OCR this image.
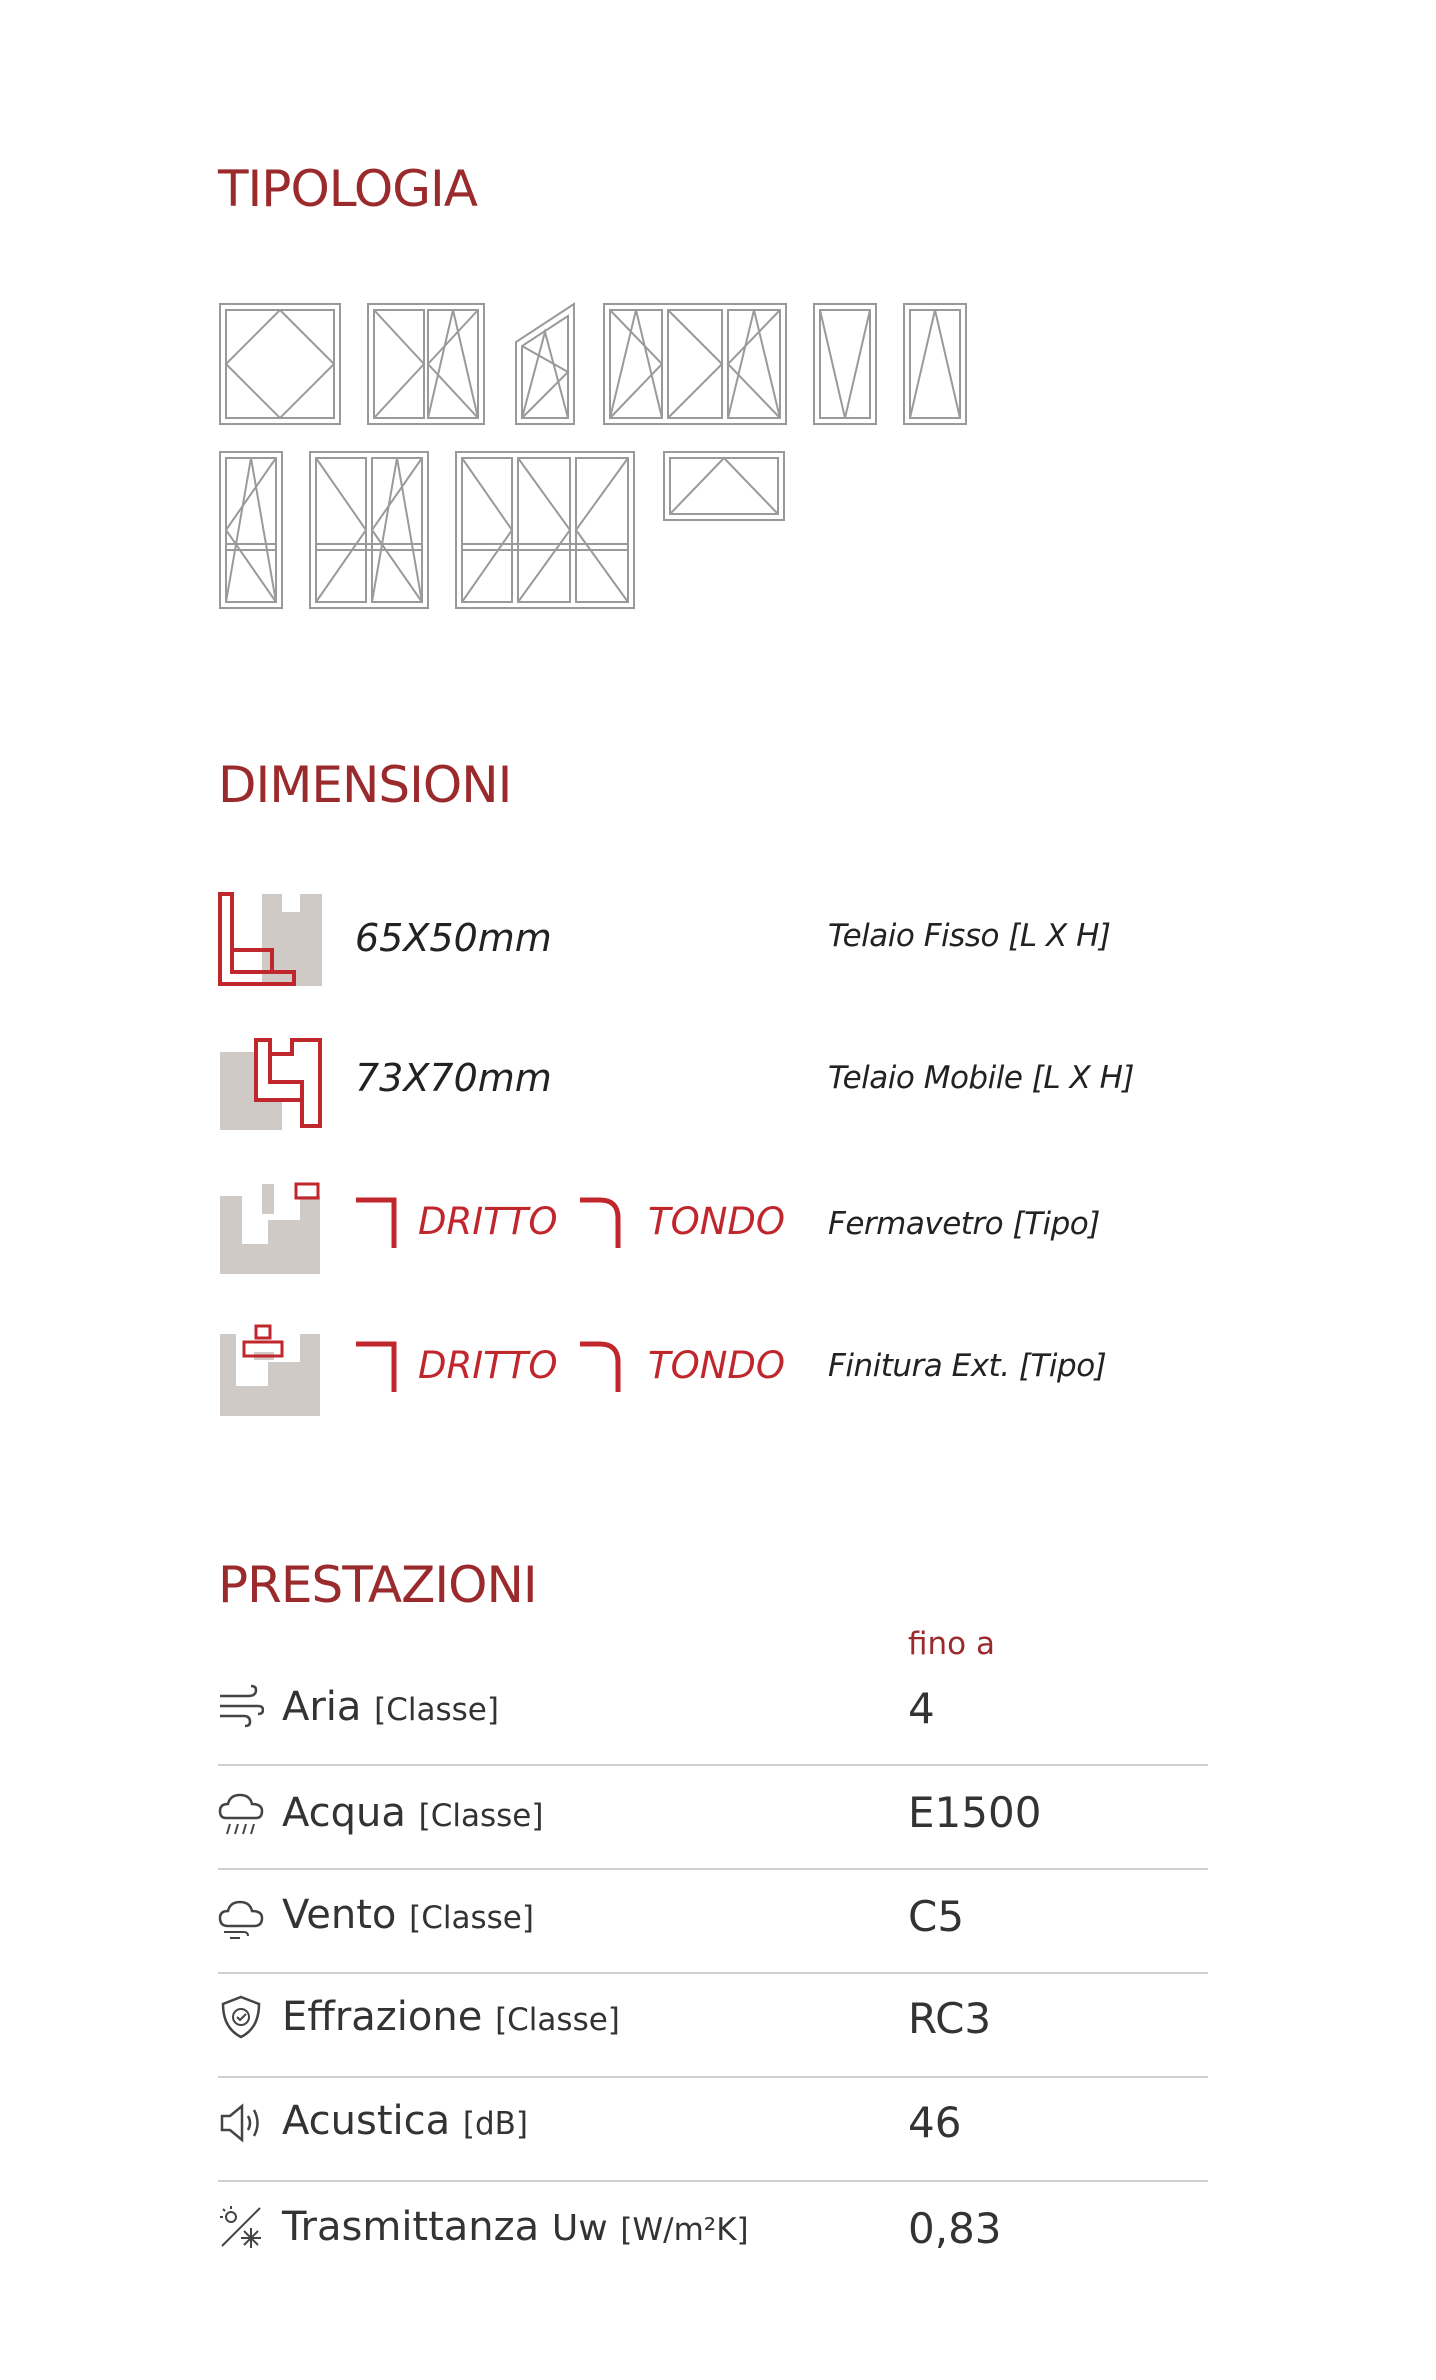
TIPOLOGIA
DIMENSIONI
65X50mm	Telaio Fisso [L X H]
73X70mm	Telaio Mobile [L X H]
DRITTO TONDO Fermavetro [Tipo]
DRITTO TONDO Finitura Ext. [Tipo]
PRESTAZIONI
fino a
Aria [Classe]	4
Acqua [Classe]	E1500
Vento [Classe]	C5
Effrazione [Classe]	RC3
Acustica [dB]	46
Trasmittanza Uw [W/m²K]	0,83
